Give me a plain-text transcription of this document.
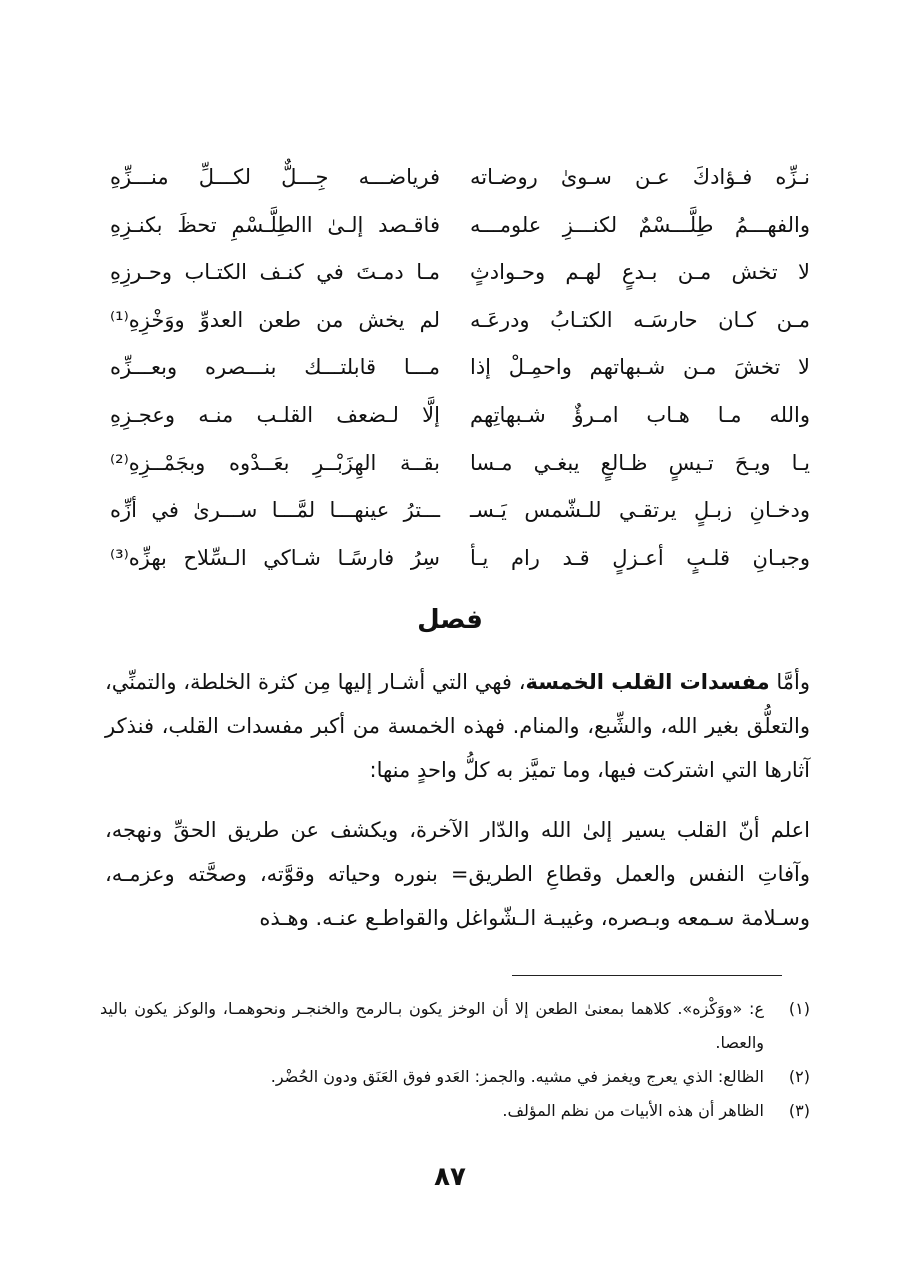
نـزِّه فـؤادكَ عـن سـوىٰ روضـاته
فرياضـــه جِـــلٌّ لكـــلِّ منـــزِّهِ
والفهـــمُ طِلَّـــسْمٌ لكنـــزِ علومـــه
فاقـصد إلـىٰ االطِلَّـسْمِ تحظَ بكنـزِهِ
لا تخش مـن بـدعٍ لهـم وحـوادثٍ
مـا دمـتَ في كنـف الكتـاب وحـرزِهِ
مـن كـان حارسَـه الكتـابُ ودرعَـه
لم يخش من طعن العدوِّ ووَخْزِهِ⁽¹⁾
لا تخشَ مـن شـبهاتهم واحمِـلْ إذا
مـــا قابلتـــك بنـــصره وبعـــزِّه
والله مـا هـاب امـرؤٌ شـبهاتِهم
إلَّا لـضعف القلـب منـه وعجـزِهِ
يـا ويـحَ تـيسٍ ظـالعٍ يبغـي مـسا
بقــة الهِزَبْــرِ بعَــدْوه وبجَمْــزِهِ⁽²⁾
ودخـانِ زبـلٍ يرتقـي للـشّمس يَـسـ
ـــترُ عينهـــا لمَّـــا ســـرىٰ في أزِّه
وجبـانِ قلـبٍ أعـزلٍ قـد رام يـأ
سِرُ فارسًـا شـاكي الـسِّلاح بهزِّه⁽³⁾
فصل
وأمَّا مفسدات القلب الخمسة، فهي التي أشـار إليها مِن كثرة الخلطة، والتمنِّي، والتعلُّق بغير الله، والشِّبع، والمنام. فهذه الخمسة من أكبر مفسدات القلب، فنذكر آثارها التي اشتركت فيها، وما تميَّز به كلُّ واحدٍ منها:
اعلم أنّ القلب يسير إلىٰ الله والدّار الآخرة، ويكشف عن طريق الحقِّ ونهجه، وآفاتِ النفس والعمل وقطاعِ الطريق= بنوره وحياته وقوَّته، وصحَّته وعزمـه، وسـلامة سـمعه وبـصره، وغيبـة الـشّواغل والقواطـع عنـه. وهـذه
(١)
ع: «ووَكْزه». كلاهما بمعنىٰ الطعن إلا أن الوخز يكون بـالرمح والخنجـر ونحوهمـا، والوكز يكون باليد والعصا.
(٢)
الظالع: الذي يعرج ويغمز في مشيه. والجمز: العَدو فوق العَنَق ودون الحُضْر.
(٣)
الظاهر أن هذه الأبيات من نظم المؤلف.
٨٧
